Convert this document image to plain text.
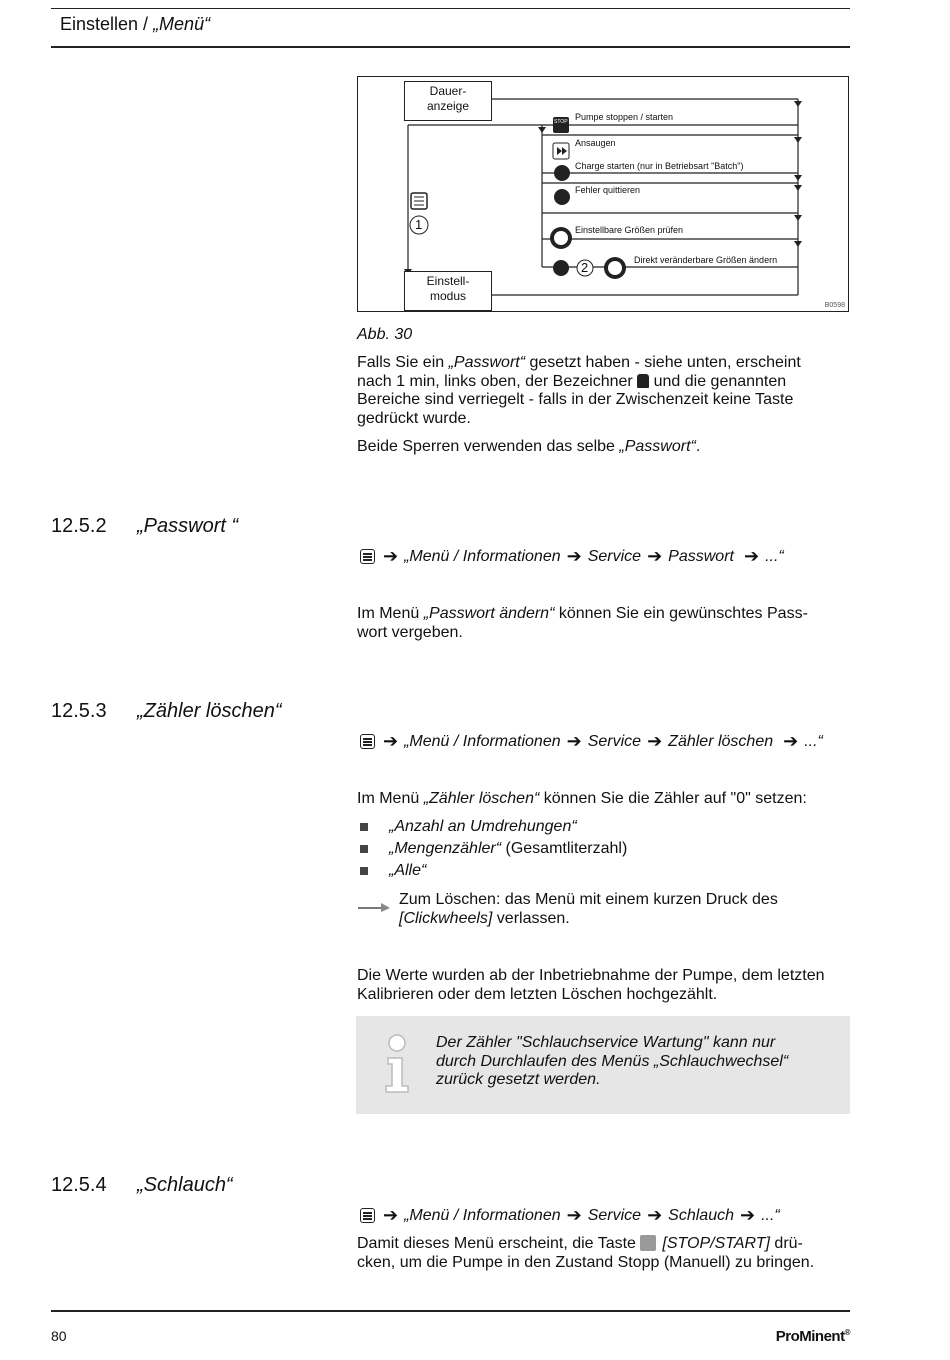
Einstellen / „Menü“
STOP
1
2
Dauer-
anzeige
Einstell-
modus
Pumpe stoppen / starten
Ansaugen
Charge starten (nur in Betriebsart "Batch")
Fehler quittieren
Einstellbare Größen prüfen
Direkt veränderbare Größen ändern
B0598
Abb. 30
Falls Sie ein „Passwort“ gesetzt haben - siehe unten, erscheint
nach 1 min, links oben, der Bezeichner  und die genannten
Bereiche sind verriegelt - falls in der Zwischenzeit keine Taste
gedrückt wurde.
Beide Sperren verwenden das selbe „Passwort“.
12.5.2 „Passwort “
➔ „Menü / Informationen ➔ Service ➔ Passwort ➔ ...“
Im Menü „Passwort ändern“ können Sie ein gewünschtes Pass-
wort vergeben.
12.5.3 „Zähler löschen“
➔ „Menü / Informationen ➔ Service ➔ Zähler löschen ➔ ...“
Im Menü „Zähler löschen“ können Sie die Zähler auf "0" setzen:
„Anzahl an Umdrehungen“
„Mengenzähler“ (Gesamtliterzahl)
„Alle“
Zum Löschen: das Menü mit einem kurzen Druck des
[Clickwheels] verlassen.
Die Werte wurden ab der Inbetriebnahme der Pumpe, dem letzten
Kalibrieren oder dem letzten Löschen hochgezählt.
Der Zähler "Schlauchservice Wartung" kann nur
durch Durchlaufen des Menüs „Schlauchwechsel“
zurück gesetzt werden.
12.5.4 „Schlauch“
➔ „Menü / Informationen ➔ Service ➔ Schlauch ➔ ...“
Damit dieses Menü erscheint, die Taste [STOP/START] drü-
cken, um die Pumpe in den Zustand Stopp (Manuell) zu bringen.
80	ProMinent®
